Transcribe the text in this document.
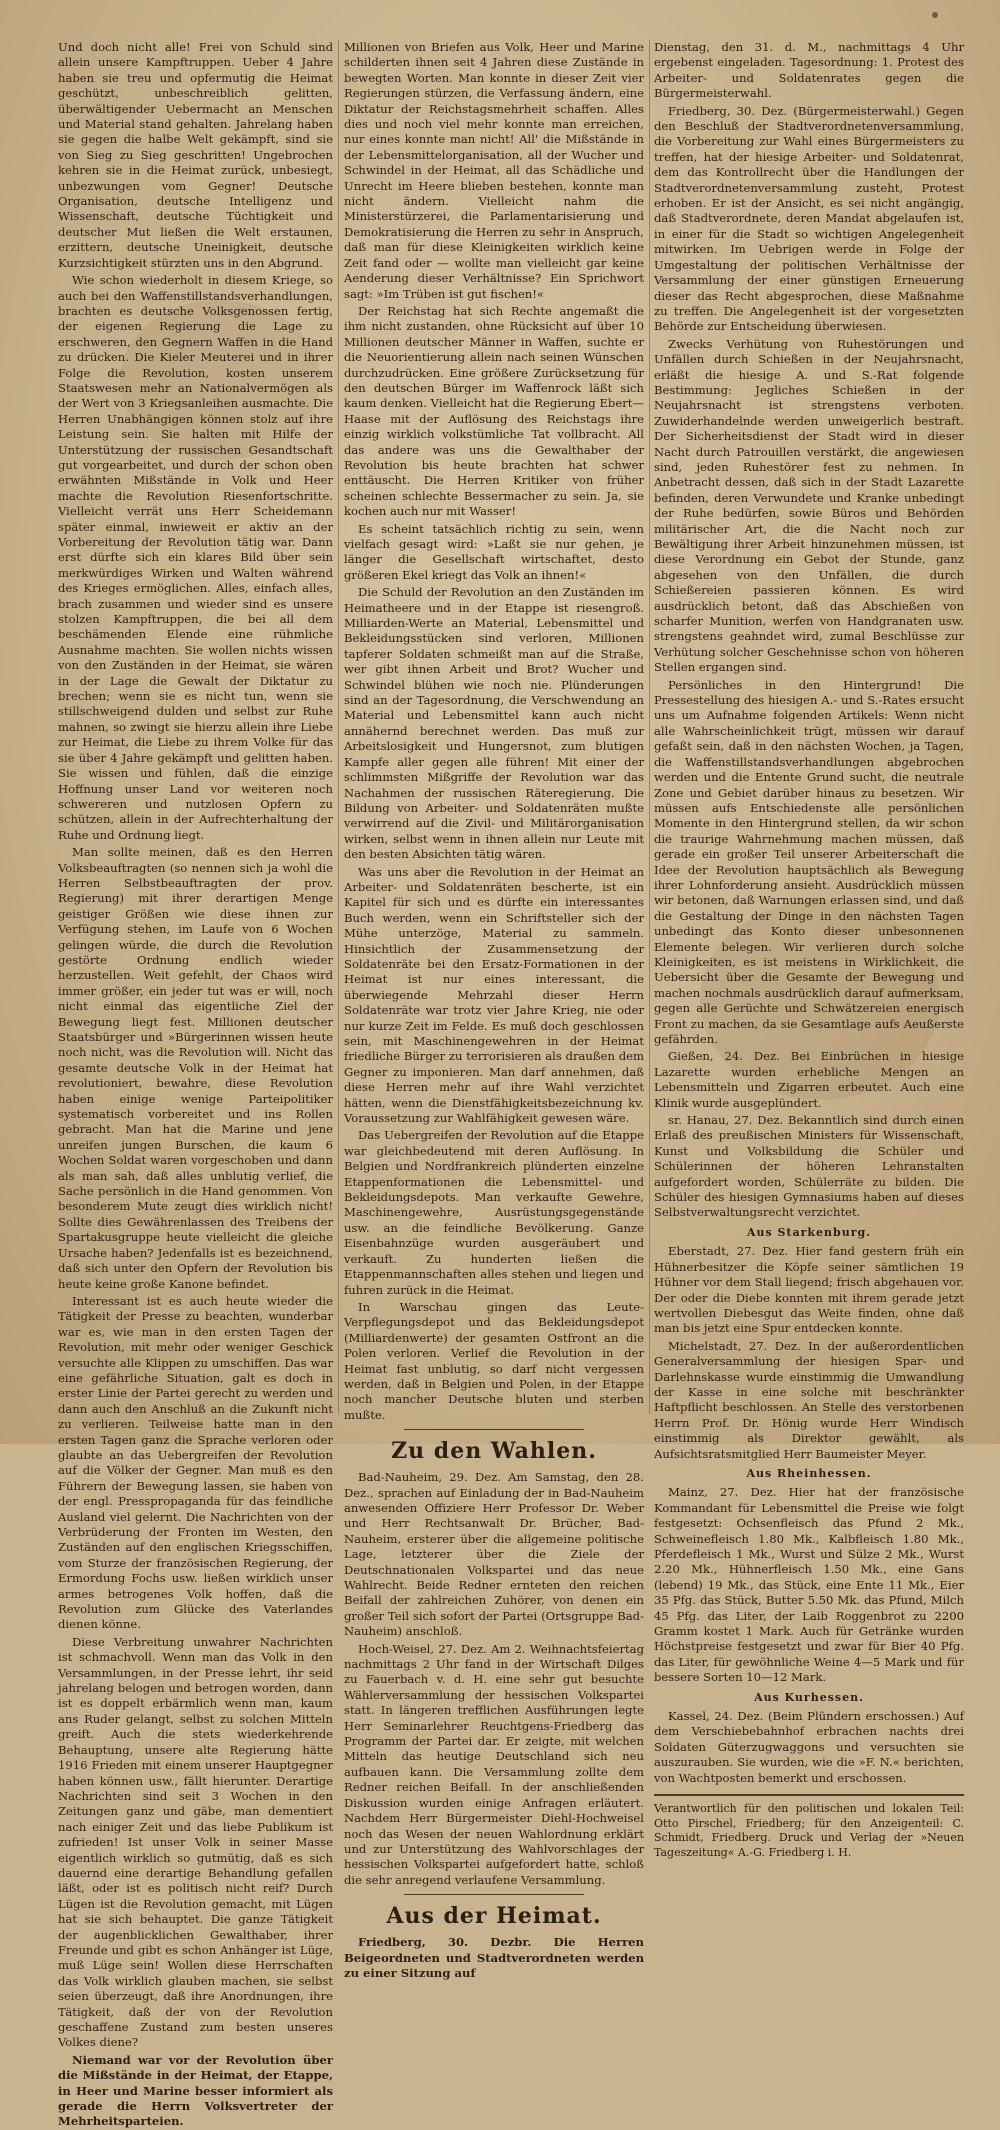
Und doch nicht alle! Frei von Schuld sind allein unsere Kampftruppen. Ueber 4 Jahre haben sie treu und opfermutig die Heimat geschützt, unbeschreiblich gelitten, überwältigender Uebermacht an Menschen und Material stand gehalten. Jahrelang haben sie gegen die halbe Welt gekämpft, sind sie von Sieg zu Sieg geschritten! Ungebrochen kehren sie in die Heimat zurück, unbesiegt, unbezwungen vom Gegner! Deutsche Organisation, deutsche Intelligenz und Wissenschaft, deutsche Tüchtigkeit und deutscher Mut ließen die Welt erstaunen, erzittern, deutsche Uneinigkeit, deutsche Kurzsichtigkeit stürzten uns in den Abgrund.

Wie schon wiederholt in diesem Kriege, so auch bei den Waffenstillstandsverhandlungen, brachten es deutsche Volksgenossen fertig, der eigenen Regierung die Lage zu erschweren, den Gegnern Waffen in die Hand zu drücken. Die Kieler Meuterei und in ihrer Folge die Revolution, kosten unserem Staatswesen mehr an Nationalvermögen als der Wert von 3 Kriegsanleihen ausmachte. Die Herren Unabhängigen können stolz auf ihre Leistung sein. Sie halten mit Hilfe der Unterstützung der russischen Gesandtschaft gut vorgearbeitet, und durch der schon oben erwähnten Mißstände in Volk und Heer machte die Revolution Riesenfortschritte. Vielleicht verrät uns Herr Scheidemann später einmal, inwieweit er aktiv an der Vorbereitung der Revolution tätig war. Dann erst dürfte sich ein klares Bild über sein merkwürdiges Wirken und Walten während des Krieges ermöglichen. Alles, einfach alles, brach zusammen und wieder sind es unsere stolzen Kampftruppen, die bei all dem beschämenden Elende eine rühmliche Ausnahme machten. Sie wollen nichts wissen von den Zuständen in der Heimat, sie wären in der Lage die Gewalt der Diktatur zu brechen; wenn sie es nicht tun, wenn sie stillschweigend dulden und selbst zur Ruhe mahnen, so zwingt sie hierzu allein ihre Liebe zur Heimat, die Liebe zu ihrem Volke für das sie über 4 Jahre gekämpft und gelitten haben. Sie wissen und fühlen, daß die einzige Hoffnung unser Land vor weiteren noch schwereren und nutzlosen Opfern zu schützen, allein in der Aufrechterhaltung der Ruhe und Ordnung liegt.

Man sollte meinen, daß es den Herren Volksbeauftragten (so nennen sich ja wohl die Herren Selbstbeauftragten der prov. Regierung) mit ihrer derartigen Menge geistiger Größen wie diese ihnen zur Verfügung stehen, im Laufe von 6 Wochen gelingen würde, die durch die Revolution gestörte Ordnung endlich wieder herzustellen. Weit gefehlt, der Chaos wird immer größer, ein jeder tut was er will, noch nicht einmal das eigentliche Ziel der Bewegung liegt fest. Millionen deutscher Staatsbürger und »Bürgerinnen wissen heute noch nicht, was die Revolution will. Nicht das gesamte deutsche Volk in der Heimat hat revolutioniert, bewahre, diese Revolution haben einige wenige Parteipolitiker systematisch vorbereitet und ins Rollen gebracht. Man hat die Marine und jene unreifen jungen Burschen, die kaum 6 Wochen Soldat waren vorgeschoben und dann als man sah, daß alles unblutig verlief, die Sache persönlich in die Hand genommen. Von besonderem Mute zeugt dies wirklich nicht! Sollte dies Gewährenlassen des Treibens der Spartakusgruppe heute vielleicht die gleiche Ursache haben? Jedenfalls ist es bezeichnend, daß sich unter den Opfern der Revolution bis heute keine große Kanone befindet.

Interessant ist es auch heute wieder die Tätigkeit der Presse zu beachten, wunderbar war es, wie man in den ersten Tagen der Revolution, mit mehr oder weniger Geschick versuchte alle Klippen zu umschiffen. Das war eine gefährliche Situation, galt es doch in erster Linie der Partei gerecht zu werden und dann auch den Anschluß an die Zukunft nicht zu verlieren. Teilweise hatte man in den ersten Tagen ganz die Sprache verloren oder glaubte an das Uebergreifen der Revolution auf die Völker der Gegner. Man muß es den Führern der Bewegung lassen, sie haben von der engl. Presspropaganda für das feindliche Ausland viel gelernt. Die Nachrichten von der Verbrüderung der Fronten im Westen, den Zuständen auf den englischen Kriegsschiffen, vom Sturze der französischen Regierung, der Ermordung Fochs usw. ließen wirklich unser armes betrogenes Volk hoffen, daß die Revolution zum Glücke des Vaterlandes dienen könne.

Diese Verbreitung unwahrer Nachrichten ist schmachvoll. Wenn man das Volk in den Versammlungen, in der Presse lehrt, ihr seid jahrelang belogen und betrogen worden, dann ist es doppelt erbärmlich wenn man, kaum ans Ruder gelangt, selbst zu solchen Mitteln greift. Auch die stets wiederkehrende Behauptung, unsere alte Regierung hätte 1916 Frieden mit einem unserer Hauptgegner haben können usw., fällt hierunter. Derartige Nachrichten sind seit 3 Wochen in den Zeitungen ganz und gäbe, man dementiert nach einiger Zeit und das liebe Publikum ist zufrieden! Ist unser Volk in seiner Masse eigentlich wirklich so gutmütig, daß es sich dauernd eine derartige Behandlung gefallen läßt, oder ist es politisch nicht reif? Durch Lügen ist die Revolution gemacht, mit Lügen hat sie sich behauptet. Die ganze Tätigkeit der augenblicklichen Gewalthaber, ihrer Freunde und gibt es schon Anhänger ist Lüge, muß Lüge sein! Wollen diese Herrschaften das Volk wirklich glauben machen, sie selbst seien überzeugt, daß ihre Anordnungen, ihre Tätigkeit, daß der von der Revolution geschaffene Zustand zum besten unseres Volkes diene?

Niemand war vor der Revolution über die Mißstände in der Heimat, der Etappe, in Heer und Marine besser informiert als gerade die Herrn Volksvertreter der Mehrheitsparteien.

Millionen von Briefen aus Volk, Heer und Marine schilderten ihnen seit 4 Jahren diese Zustände in bewegten Worten. Man konnte in dieser Zeit vier Regierungen stürzen, die Verfassung ändern, eine Diktatur der Reichstagsmehrheit schaffen. Alles dies und noch viel mehr konnte man erreichen, nur eines konnte man nicht! All' die Mißstände in der Lebensmittelorganisation, all der Wucher und Schwindel in der Heimat, all das Schädliche und Unrecht im Heere blieben bestehen, konnte man nicht ändern. Vielleicht nahm die Ministerstürzerei, die Parlamentarisierung und Demokratisierung die Herren zu sehr in Anspruch, daß man für diese Kleinigkeiten wirklich keine Zeit fand oder — wollte man vielleicht gar keine Aenderung dieser Verhältnisse? Ein Sprichwort sagt: »Im Trüben ist gut fischen!«

Der Reichstag hat sich Rechte angemaßt die ihm nicht zustanden, ohne Rücksicht auf über 10 Millionen deutscher Männer in Waffen, suchte er die Neuorientierung allein nach seinen Wünschen durchzudrücken. Eine größere Zurücksetzung für den deutschen Bürger im Waffenrock läßt sich kaum denken. Vielleicht hat die Regierung Ebert—Haase mit der Auflösung des Reichstags ihre einzig wirklich volkstümliche Tat vollbracht. All das andere was uns die Gewalthaber der Revolution bis heute brachten hat schwer enttäuscht. Die Herren Kritiker von früher scheinen schlechte Bessermacher zu sein. Ja, sie kochen auch nur mit Wasser!

Es scheint tatsächlich richtig zu sein, wenn vielfach gesagt wird: »Laßt sie nur gehen, je länger die Gesellschaft wirtschaftet, desto größeren Ekel kriegt das Volk an ihnen!«

Die Schuld der Revolution an den Zuständen im Heimatheere und in der Etappe ist riesengroß. Milliarden-Werte an Material, Lebensmittel und Bekleidungsstücken sind verloren, Millionen tapferer Soldaten schmeißt man auf die Straße, wer gibt ihnen Arbeit und Brot? Wucher und Schwindel blühen wie noch nie. Plünderungen sind an der Tagesordnung, die Verschwendung an Material und Lebensmittel kann auch nicht annähernd berechnet werden. Das muß zur Arbeitslosigkeit und Hungersnot, zum blutigen Kampfe aller gegen alle führen! Mit einer der schlimmsten Mißgriffe der Revolution war das Nachahmen der russischen Räteregierung. Die Bildung von Arbeiter- und Soldatenräten mußte verwirrend auf die Zivil- und Militärorganisation wirken, selbst wenn in ihnen allein nur Leute mit den besten Absichten tätig wären.

Was uns aber die Revolution in der Heimat an Arbeiter- und Soldatenräten bescherte, ist ein Kapitel für sich und es dürfte ein interessantes Buch werden, wenn ein Schriftsteller sich der Mühe unterzöge, Material zu sammeln. Hinsichtlich der Zusammensetzung der Soldatenräte bei den Ersatz-Formationen in der Heimat ist nur eines interessant, die überwiegende Mehrzahl dieser Herrn Soldatenräte war trotz vier Jahre Krieg, nie oder nur kurze Zeit im Felde. Es muß doch geschlossen sein, mit Maschinengewehren in der Heimat friedliche Bürger zu terrorisieren als draußen dem Gegner zu imponieren. Man darf annehmen, daß diese Herren mehr auf ihre Wahl verzichtet hätten, wenn die Dienstfähigkeitsbezeichnung kv. Voraussetzung zur Wahlfähigkeit gewesen wäre.

Das Uebergreifen der Revolution auf die Etappe war gleichbedeutend mit deren Auflösung. In Belgien und Nordfrankreich plünderten einzelne Etappenformationen die Lebensmittel- und Bekleidungsdepots. Man verkaufte Gewehre, Maschinengewehre, Ausrüstungsgegenstände usw. an die feindliche Bevölkerung. Ganze Eisenbahnzüge wurden ausgeräubert und verkauft. Zu hunderten ließen die Etappenmannschaften alles stehen und liegen und fuhren zurück in die Heimat.

In Warschau gingen das Leute-Verpflegungsdepot und das Bekleidungsdepot (Milliardenwerte) der gesamten Ostfront an die Polen verloren. Verlief die Revolution in der Heimat fast unblutig, so darf nicht vergessen werden, daß in Belgien und Polen, in der Etappe noch mancher Deutsche bluten und sterben mußte.

Zu den Wahlen.

Bad-Nauheim, 29. Dez. Am Samstag, den 28. Dez., sprachen auf Einladung der in Bad-Nauheim anwesenden Offiziere Herr Professor Dr. Weber und Herr Rechtsanwalt Dr. Brücher, Bad-Nauheim, ersterer über die allgemeine politische Lage, letzterer über die Ziele der Deutschnationalen Volkspartei und das neue Wahlrecht. Beide Redner ernteten den reichen Beifall der zahlreichen Zuhörer, von denen ein großer Teil sich sofort der Partei (Ortsgruppe Bad-Nauheim) anschloß.

Hoch-Weisel, 27. Dez. Am 2. Weihnachtsfeiertag nachmittags 2 Uhr fand in der Wirtschaft Dilges zu Fauerbach v. d. H. eine sehr gut besuchte Wählerversammlung der hessischen Volkspartei statt. In längeren trefflichen Ausführungen legte Herr Seminarlehrer Reuchtgens-Friedberg das Programm der Partei dar. Er zeigte, mit welchen Mitteln das heutige Deutschland sich neu aufbauen kann. Die Versammlung zollte dem Redner reichen Beifall. In der anschließenden Diskussion wurden einige Anfragen erläutert. Nachdem Herr Bürgermeister Diehl-Hochweisel noch das Wesen der neuen Wahlordnung erklärt und zur Unterstützung des Wahlvorschlages der hessischen Volkspartei aufgefordert hatte, schloß die sehr anregend verlaufene Versammlung.

Aus der Heimat.

Friedberg, 30. Dezbr. Die Herren Beigeordneten und Stadtverordneten werden zu einer Sitzung auf

Dienstag, den 31. d. M., nachmittags 4 Uhr ergebenst eingeladen. Tagesordnung: 1. Protest des Arbeiter- und Soldatenrates gegen die Bürgermeisterwahl.

Friedberg, 30. Dez. (Bürgermeisterwahl.) Gegen den Beschluß der Stadtverordnetenversammlung, die Vorbereitung zur Wahl eines Bürgermeisters zu treffen, hat der hiesige Arbeiter- und Soldatenrat, dem das Kontrollrecht über die Handlungen der Stadtverordnetenversammlung zusteht, Protest erhoben. Er ist der Ansicht, es sei nicht angängig, daß Stadtverordnete, deren Mandat abgelaufen ist, in einer für die Stadt so wichtigen Angelegenheit mitwirken. Im Uebrigen werde in Folge der Umgestaltung der politischen Verhältnisse der Versammlung der einer günstigen Erneuerung dieser das Recht abgesprochen, diese Maßnahme zu treffen. Die Angelegenheit ist der vorgesetzten Behörde zur Entscheidung überwiesen.

Zwecks Verhütung von Ruhestörungen und Unfällen durch Schießen in der Neujahrsnacht, erläßt die hiesige A. und S.-Rat folgende Bestimmung: Jegliches Schießen in der Neujahrsnacht ist strengstens verboten. Zuwiderhandelnde werden unweigerlich bestraft. Der Sicherheitsdienst der Stadt wird in dieser Nacht durch Patrouillen verstärkt, die angewiesen sind, jeden Ruhestörer fest zu nehmen. In Anbetracht dessen, daß sich in der Stadt Lazarette befinden, deren Verwundete und Kranke unbedingt der Ruhe bedürfen, sowie Büros und Behörden militärischer Art, die die Nacht noch zur Bewältigung ihrer Arbeit hinzunehmen müssen, ist diese Verordnung ein Gebot der Stunde, ganz abgesehen von den Unfällen, die durch Schießereien passieren können. Es wird ausdrücklich betont, daß das Abschießen von scharfer Munition, werfen von Handgranaten usw. strengstens geahndet wird, zumal Beschlüsse zur Verhütung solcher Geschehnisse schon von höheren Stellen ergangen sind.

Persönliches in den Hintergrund! Die Pressestellung des hiesigen A.- und S.-Rates ersucht uns um Aufnahme folgenden Artikels: Wenn nicht alle Wahrscheinlichkeit trügt, müssen wir darauf gefaßt sein, daß in den nächsten Wochen, ja Tagen, die Waffenstillstandsverhandlungen abgebrochen werden und die Entente Grund sucht, die neutrale Zone und Gebiet darüber hinaus zu besetzen. Wir müssen aufs Entschiedenste alle persönlichen Momente in den Hintergrund stellen, da wir schon die traurige Wahrnehmung machen müssen, daß gerade ein großer Teil unserer Arbeiterschaft die Idee der Revolution hauptsächlich als Bewegung ihrer Lohnforderung ansieht. Ausdrücklich müssen wir betonen, daß Warnungen erlassen sind, und daß die Gestaltung der Dinge in den nächsten Tagen unbedingt das Konto dieser unbesonnenen Elemente belegen. Wir verlieren durch solche Kleinigkeiten, es ist meistens in Wirklichkeit, die Uebersicht über die Gesamte der Bewegung und machen nochmals ausdrücklich darauf aufmerksam, gegen alle Gerüchte und Schwätzereien energisch Front zu machen, da sie Gesamtlage aufs Aeußerste gefährden.

Gießen, 24. Dez. Bei Einbrüchen in hiesige Lazarette wurden erhebliche Mengen an Lebensmitteln und Zigarren erbeutet. Auch eine Klinik wurde ausgeplündert.

sr. Hanau, 27. Dez. Bekanntlich sind durch einen Erlaß des preußischen Ministers für Wissenschaft, Kunst und Volksbildung die Schüler und Schülerinnen der höheren Lehranstalten aufgefordert worden, Schülerräte zu bilden. Die Schüler des hiesigen Gymnasiums haben auf dieses Selbstverwaltungsrecht verzichtet.

Aus Starkenburg.

Eberstadt, 27. Dez. Hier fand gestern früh ein Hühnerbesitzer die Köpfe seiner sämtlichen 19 Hühner vor dem Stall liegend; frisch abgehauen vor. Der oder die Diebe konnten mit ihrem gerade jetzt wertvollen Diebesgut das Weite finden, ohne daß man bis jetzt eine Spur entdecken konnte.

Michelstadt, 27. Dez. In der außerordentlichen Generalversammlung der hiesigen Spar- und Darlehnskasse wurde einstimmig die Umwandlung der Kasse in eine solche mit beschränkter Haftpflicht beschlossen. An Stelle des verstorbenen Herrn Prof. Dr. Hönig wurde Herr Windisch einstimmig als Direktor gewählt, als Aufsichtsratsmitglied Herr Baumeister Meyer.

Aus Rheinhessen.

Mainz, 27. Dez. Hier hat der französische Kommandant für Lebensmittel die Preise wie folgt festgesetzt: Ochsenfleisch das Pfund 2 Mk., Schweinefleisch 1.80 Mk., Kalbfleisch 1.80 Mk., Pferdefleisch 1 Mk., Wurst und Sülze 2 Mk., Wurst 2.20 Mk., Hühnerfleisch 1.50 Mk., eine Gans (lebend) 19 Mk., das Stück, eine Ente 11 Mk., Eier 35 Pfg. das Stück, Butter 5.50 Mk. das Pfund, Milch 45 Pfg. das Liter, der Laib Roggenbrot zu 2200 Gramm kostet 1 Mark. Auch für Getränke wurden Höchstpreise festgesetzt und zwar für Bier 40 Pfg. das Liter, für gewöhnliche Weine 4—5 Mark und für bessere Sorten 10—12 Mark.

Aus Kurhessen.

Kassel, 24. Dez. (Beim Plündern erschossen.) Auf dem Verschiebebahnhof erbrachen nachts drei Soldaten Güterzugwaggons und versuchten sie auszurauben. Sie wurden, wie die »F. N.« berichten, von Wachtposten bemerkt und erschossen.

Verantwortlich für den politischen und lokalen Teil: Otto Pirschel, Friedberg; für den Anzeigenteil: C. Schmidt, Friedberg. Druck und Verlag der »Neuen Tageszeitung« A.-G. Friedberg i. H.
